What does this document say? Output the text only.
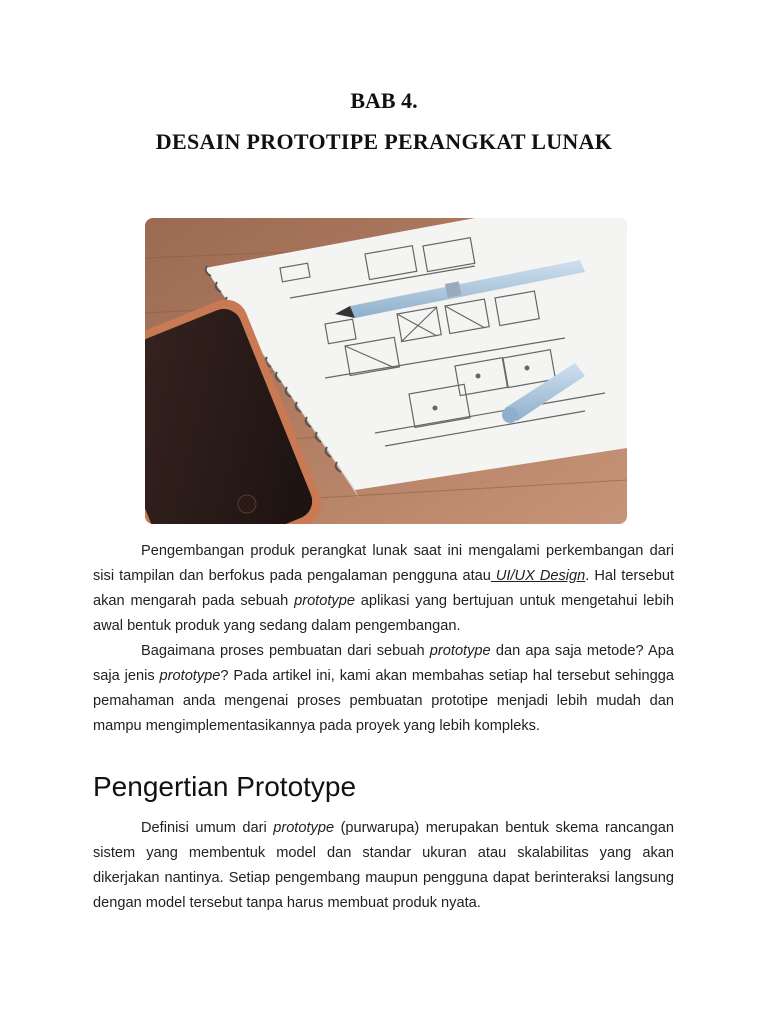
BAB 4.
DESAIN PROTOTIPE PERANGKAT LUNAK

Pengembangan produk perangkat lunak saat ini mengalami perkembangan dari sisi tampilan dan berfokus pada pengalaman pengguna atau UI/UX Design. Hal tersebut akan mengarah pada sebuah prototype aplikasi yang bertujuan untuk mengetahui lebih awal bentuk produk yang sedang dalam pengembangan.

Bagaimana proses pembuatan dari sebuah prototype dan apa saja metode? Apa saja jenis prototype? Pada artikel ini, kami akan membahas setiap hal tersebut sehingga pemahaman anda mengenai proses pembuatan prototipe menjadi lebih mudah dan mampu mengimplementasikannya pada proyek yang lebih kompleks.

Pengertian Prototype

Definisi umum dari prototype (purwarupa) merupakan bentuk skema rancangan sistem yang membentuk model dan standar ukuran atau skalabilitas yang akan dikerjakan nantinya. Setiap pengembang maupun pengguna dapat berinteraksi langsung dengan model tersebut tanpa harus membuat produk nyata.
